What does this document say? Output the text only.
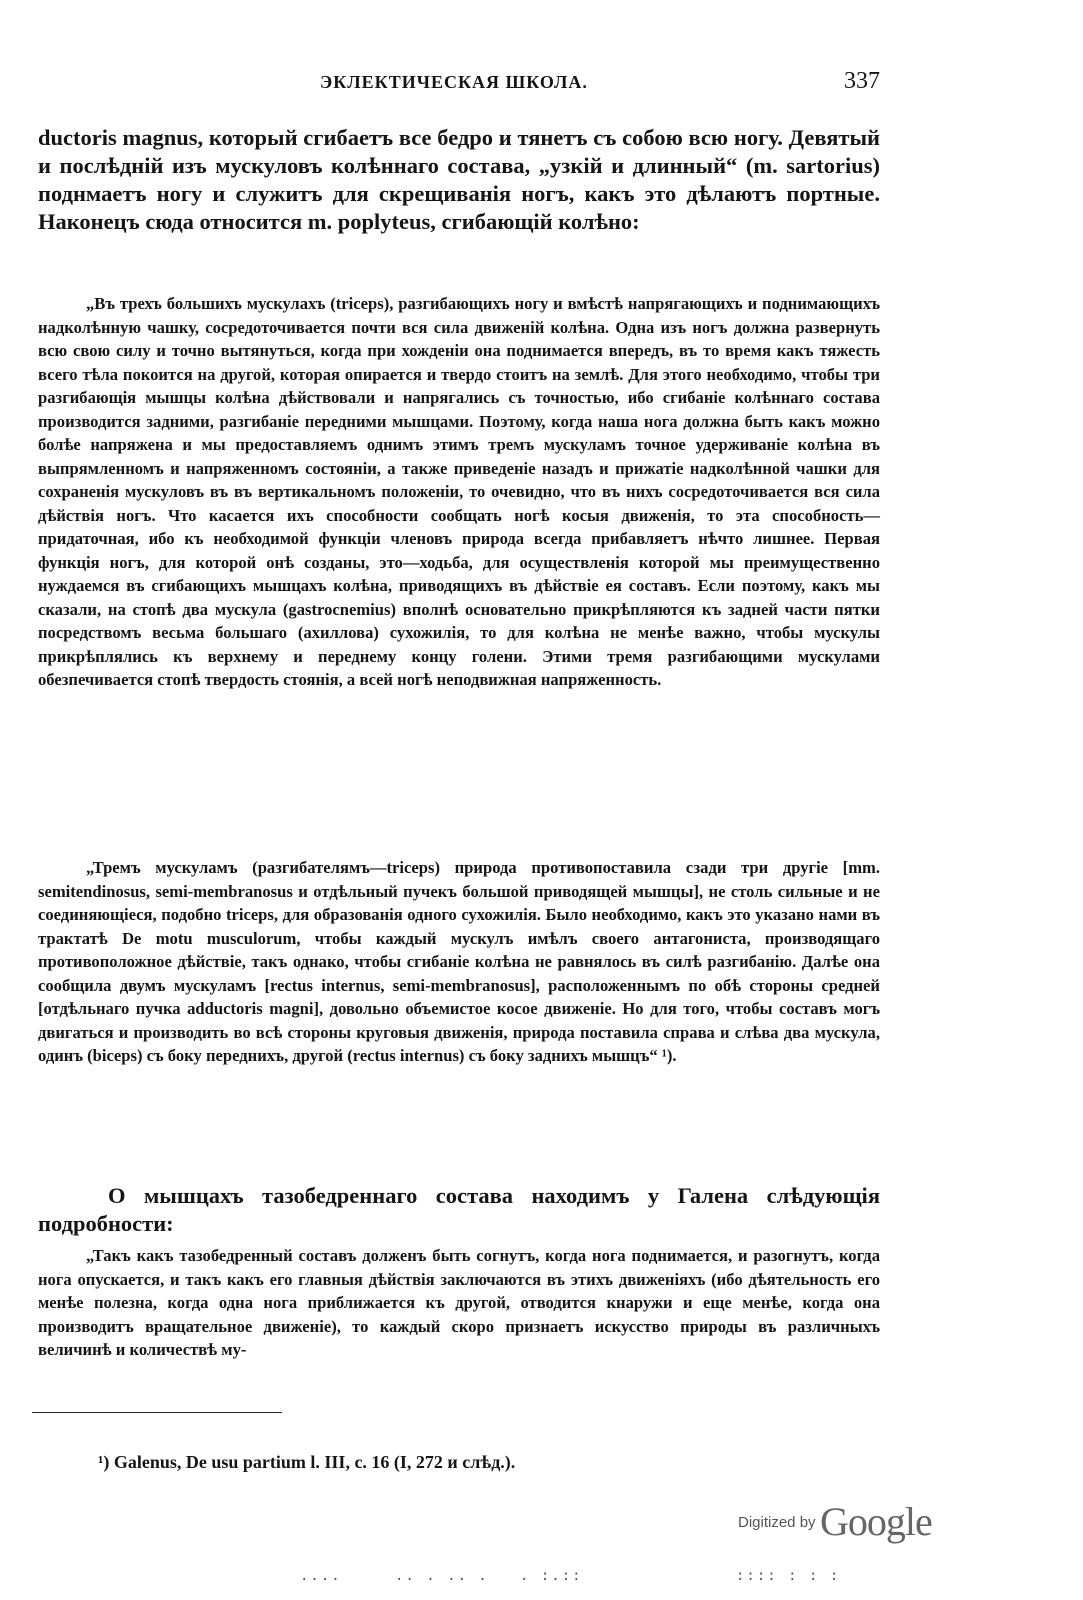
ЭКЛЕКТИЧЕСКАЯ ШКОЛА.	337

ductoris magnus, который сгибаетъ все бедро и тянетъ съ собою всю ногу. Девятый и послѣдній изъ мускуловъ колѣннаго состава, „узкій и длинный“ (m. sartorius) поднмаетъ ногу и служитъ для скрещиванія ногъ, какъ это дѣлаютъ портные. Наконецъ сюда относится m. poplyteus, сгибающій колѣно:

„Въ трехъ большихъ мускулахъ (triceps), разгибающихъ ногу и вмѣстѣ напрягающихъ и поднимающихъ надколѣнную чашку, сосредоточивается почти вся сила движеній колѣна. Одна изъ ногъ должна развернуть всю свою силу и точно вытянуться, когда при хожденіи она поднимается впередъ, въ то время какъ тяжесть всего тѣла покоится на другой, которая опирается и твердо стоитъ на землѣ. Для этого необходимо, чтобы три разгибающія мышцы колѣна дѣйствовали и напрягались съ точностью, ибо сгибаніе колѣннаго состава производится задними, разгибаніе передними мышцами. Поэтому, когда наша нога должна быть какъ можно болѣе напряжена и мы предоставляемъ однимъ этимъ тремъ мускуламъ точное удерживаніе колѣна въ выпрямленномъ и напряженномъ состояніи, а также приведеніе назадъ и прижатіе надколѣнной чашки для сохраненія мускуловъ въ въ вертикальномъ положеніи, то очевидно, что въ нихъ сосредоточивается вся сила дѣйствія ногъ. Что касается ихъ способности сообщать ногѣ косыя движенія, то эта способность—придаточная, ибо къ необходимой функціи членовъ природа всегда прибавляетъ нѣчто лишнее. Первая функція ногъ, для которой онѣ созданы, это—ходьба, для осуществленія которой мы преимущественно нуждаемся въ сгибающихъ мышцахъ колѣна, приводящихъ въ дѣйствіе ея составъ. Если поэтому, какъ мы сказали, на стопѣ два мускула (gastrocnemius) вполнѣ основательно прикрѣпляются къ задней части пятки посредствомъ весьма большаго (ахиллова) сухожилія, то для колѣна не менѣе важно, чтобы мускулы прикрѣплялись къ верхнему и переднему концу голени. Этими тремя разгибающими мускулами обезпечивается стопѣ твердость стоянія, а всей ногѣ неподвижная напряженность.

„Тремъ мускуламъ (разгибателямъ—triceps) природа противопоставила сзади три другіе [mm. semitendinosus, semi-membranosus и отдѣльный пучекъ большой приводящей мышцы], не столь сильные и не соединяющіеся, подобно triceps, для образованія одного сухожилія. Было необходимо, какъ это указано нами въ трактатѣ De motu musculorum, чтобы каждый мускулъ имѣлъ своего антагониста, производящаго противоположное дѣйствіе, такъ однако, чтобы сгибаніе колѣна не равнялось въ силѣ разгибанію. Далѣе она сообщила двумъ мускуламъ [rectus internus, semi-membranosus], расположеннымъ по обѣ стороны средней [отдѣльнаго пучка adductoris magni], довольно объемистое косое движеніе. Но для того, чтобы составъ могъ двигаться и производить во всѣ стороны круговыя движенія, природа поставила справа и слѣва два мускула, одинъ (biceps) съ боку переднихъ, другой (rectus internus) съ боку заднихъ мышцъ“ ¹).

О мышцахъ тазобедреннаго состава находимъ у Галена слѣдующія подробности:

„Такъ какъ тазобедренный составъ долженъ быть согнутъ, когда нога поднимается, и разогнутъ, когда нога опускается, и такъ какъ его главныя дѣйствія заключаются въ этихъ движеніяхъ (ибо дѣятельность его менѣе полезна, когда одна нога приближается къ другой, отводится кнаружи и еще менѣе, когда она производитъ вращательное движеніе), то каждый скоро признаетъ искусство природы въ различныхъ величинѣ и количествѣ му-

¹) Galenus, De usu partium l. III, c. 16 (I, 272 и слѣд.).
Digitized by Google
....	.. . .. . . :.::	:::: : : :
